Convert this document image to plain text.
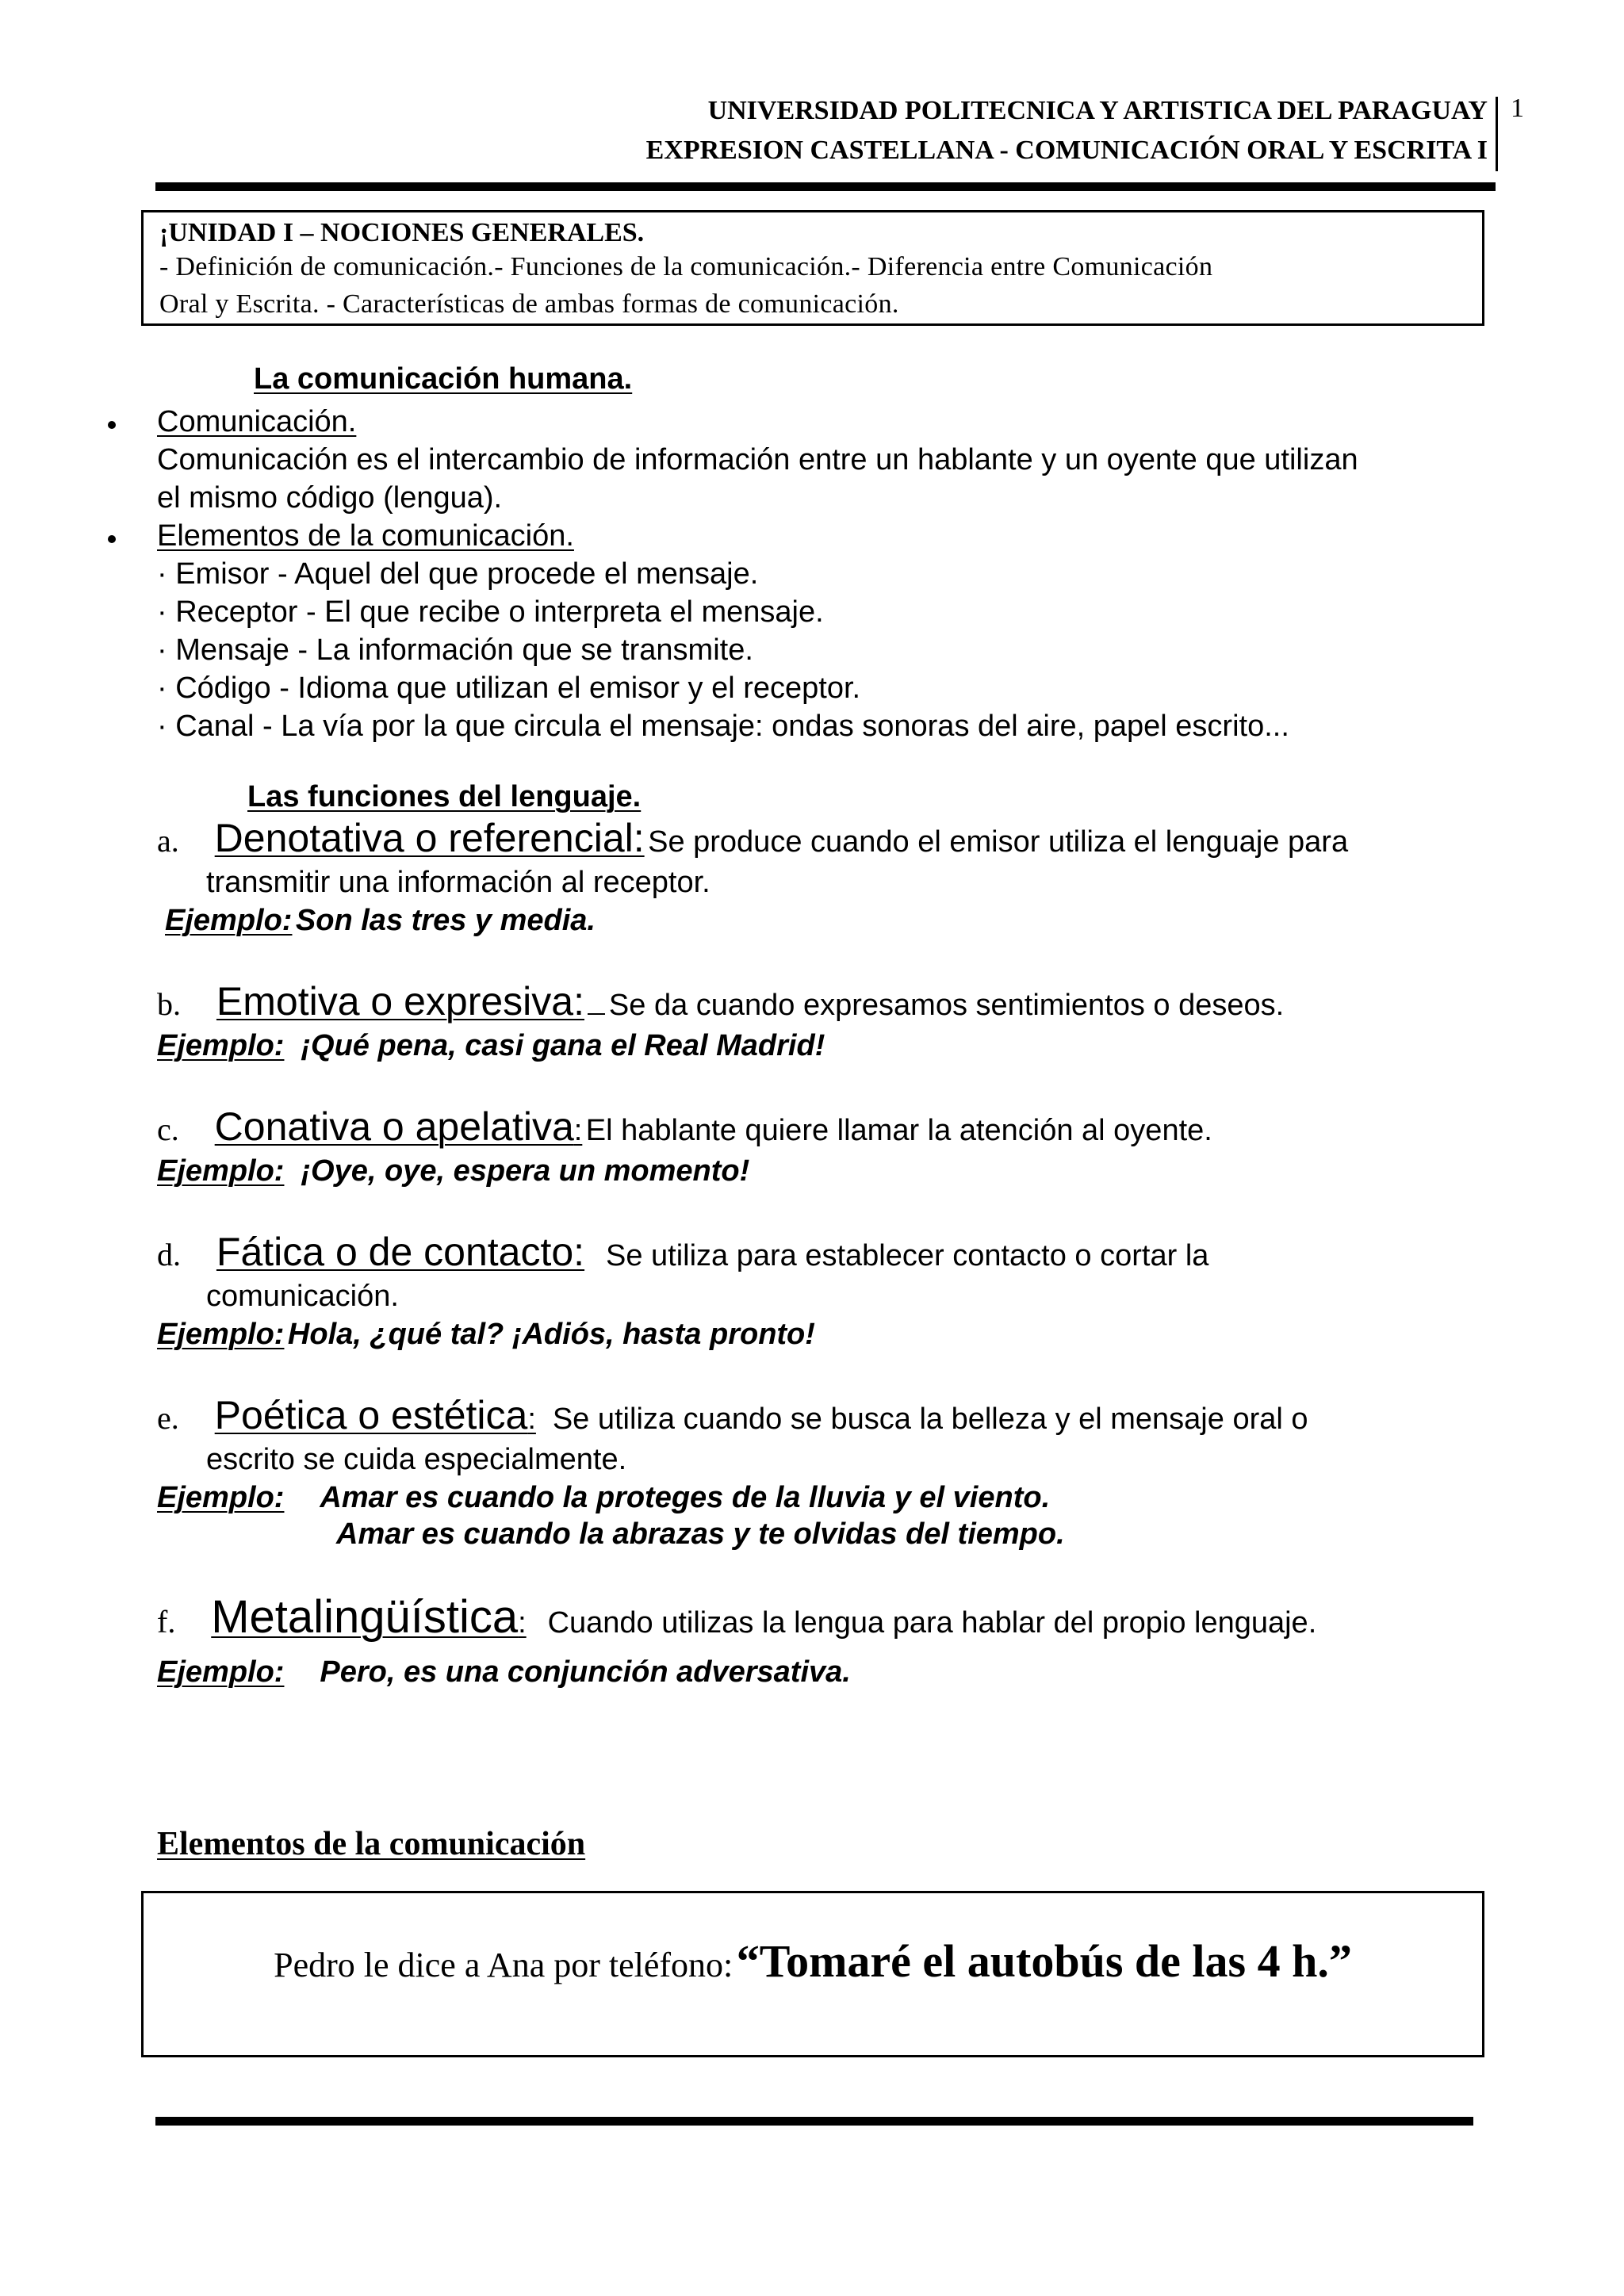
UNIVERSIDAD POLITECNICA Y ARTISTICA DEL PARAGUAY
EXPRESION CASTELLANA - COMUNICACIÓN ORAL Y ESCRITA I
1
¡UNIDAD I – NOCIONES GENERALES.
- Definición de comunicación.- Funciones de la comunicación.- Diferencia entre Comunicación
Oral y Escrita. - Características de ambas formas de comunicación.
La comunicación humana.
Comunicación.
Comunicación es el intercambio de información entre un hablante y un oyente que utilizan
el mismo código (lengua).
Elementos de la comunicación.
· Emisor - Aquel del que procede el mensaje.
· Receptor - El que recibe o interpreta el mensaje.
· Mensaje - La información que se transmite.
· Código - Idioma que utilizan el emisor y el receptor.
· Canal - La vía por la que circula el mensaje: ondas sonoras del aire, papel escrito...
Las funciones del lenguaje.
a. Denotativa o referencial: Se produce cuando el emisor utiliza el lenguaje para
transmitir una información al receptor.
Ejemplo: Son las tres y media.
b. Emotiva o expresiva: Se da cuando expresamos sentimientos o deseos.
Ejemplo: ¡Qué pena, casi gana el Real Madrid!
c. Conativa o apelativa: El hablante quiere llamar la atención al oyente.
Ejemplo: ¡Oye, oye, espera un momento!
d. Fática o de contacto: Se utiliza para establecer contacto o cortar la
comunicación.
Ejemplo: Hola, ¿qué tal? ¡Adiós, hasta pronto!
e. Poética o estética: Se utiliza cuando se busca la belleza y el mensaje oral o
escrito se cuida especialmente.
Ejemplo: Amar es cuando la proteges de la lluvia y el viento.
Amar es cuando la abrazas y te olvidas del tiempo.
f. Metalingüística: Cuando utilizas la lengua para hablar del propio lenguaje.
Ejemplo: Pero, es una conjunción adversativa.
Elementos de la comunicación
Pedro le dice a Ana por teléfono: “Tomaré el autobús de las 4 h.”
